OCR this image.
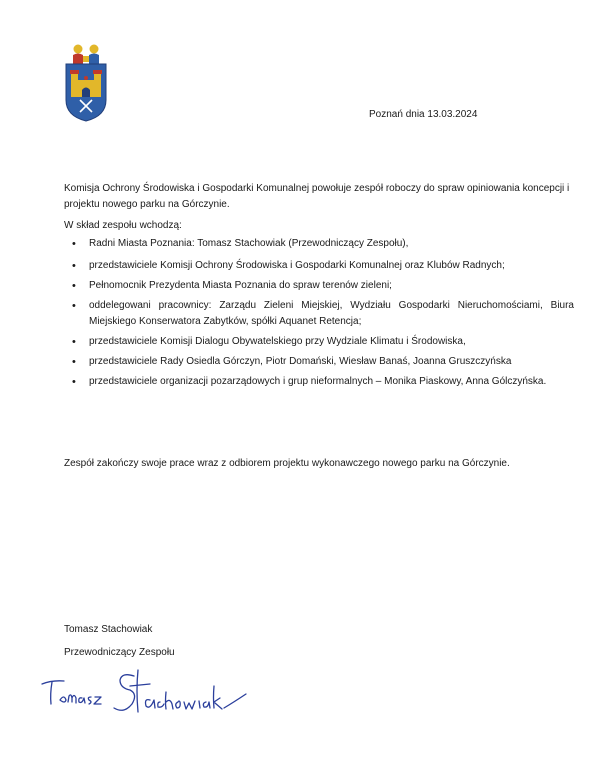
Poznań dnia 13.03.2024

Komisja Ochrony Środowiska i Gospodarki Komunalnej powołuje zespół roboczy do spraw opiniowania koncepcji i projektu nowego parku na Górczynie.

W skład zespołu wchodzą:

• Radni Miasta Poznania: Tomasz Stachowiak (Przewodniczący Zespołu),
• przedstawiciele Komisji Ochrony Środowiska i Gospodarki Komunalnej oraz Klubów Radnych;
• Pełnomocnik Prezydenta Miasta Poznania do spraw terenów zieleni;
• oddelegowani pracownicy: Zarządu Zieleni Miejskiej, Wydziału Gospodarki Nieruchomościami, Biura Miejskiego Konserwatora Zabytków, spółki Aquanet Retencja;
• przedstawiciele Komisji Dialogu Obywatelskiego przy Wydziale Klimatu i Środowiska,
• przedstawiciele Rady Osiedla Górczyn, Piotr Domański, Wiesław Banaś, Joanna Gruszczyńska
• przedstawiciele organizacji pozarządowych i grup nieformalnych – Monika Piaskowy, Anna Gólczyńska.

Zespół zakończy swoje prace wraz z odbiorem projektu wykonawczego nowego parku na Górczynie.

Tomasz Stachowiak
Przewodniczący Zespołu
